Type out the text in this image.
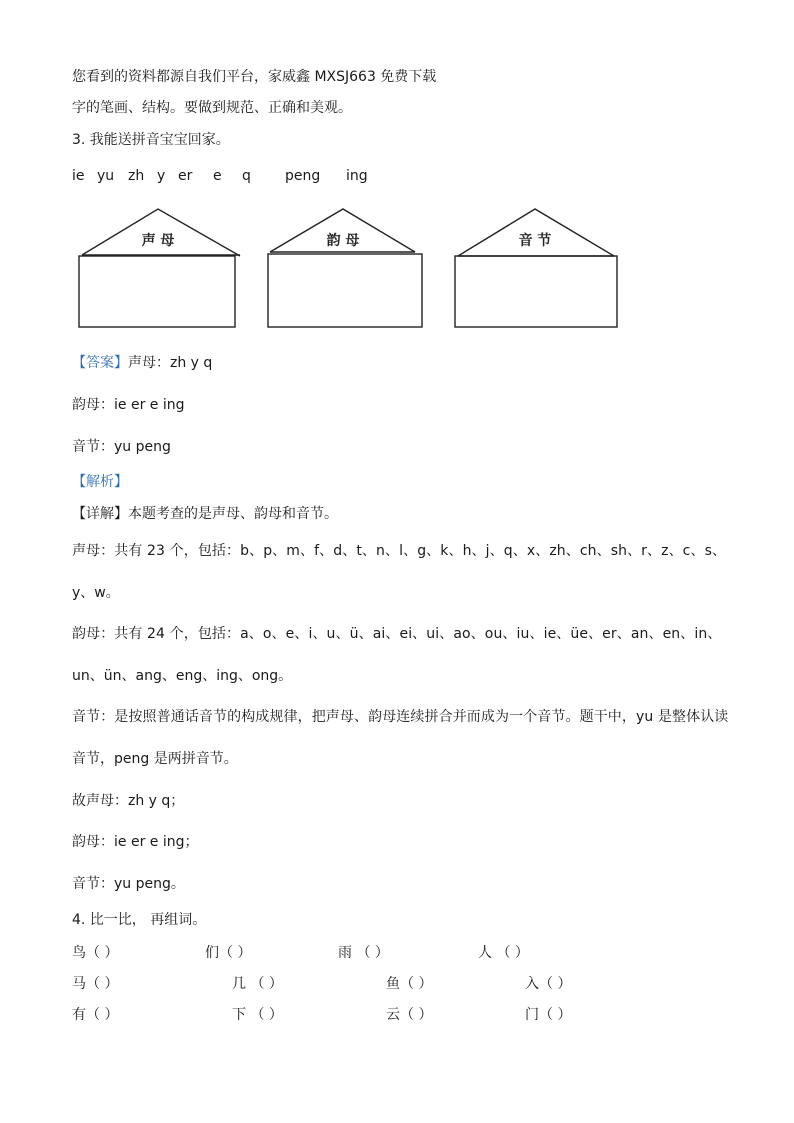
您看到的资料都源自我们平台，家威鑫 MXSJ663 免费下载
字的笔画、结构。要做到规范、正确和美观。
3. 我能送拼音宝宝回家。
ie yu zh y er e q peng ing
声 母	韵 母	音 节
【答案】声母：zh y q
韵母：ie er e ing
音节：yu peng
【解析】
【详解】本题考查的是声母、韵母和音节。
声母：共有 23 个，包括：b、p、m、f、d、t、n、l、g、k、h、j、q、x、zh、ch、sh、r、z、c、s、
y、w。
韵母：共有 24 个，包括：a、o、e、i、u、ü、ai、ei、ui、ao、ou、iu、ie、üe、er、an、en、in、
un、ün、ang、eng、ing、ong。
音节：是按照普通话音节的构成规律，把声母、韵母连续拼合并而成为一个音节。题干中，yu 是整体认读
音节，peng 是两拼音节。
故声母：zh y q；
韵母：ie er e ing；
音节：yu peng。
4. 比一比， 再组词。
鸟（ ）	们（ ）	雨 （ ）	人 （ ）
马（ ）	几 （ ）	鱼（ ）	入（ ）
有（ ）	下 （ ）	云（ ）	门（ ）
